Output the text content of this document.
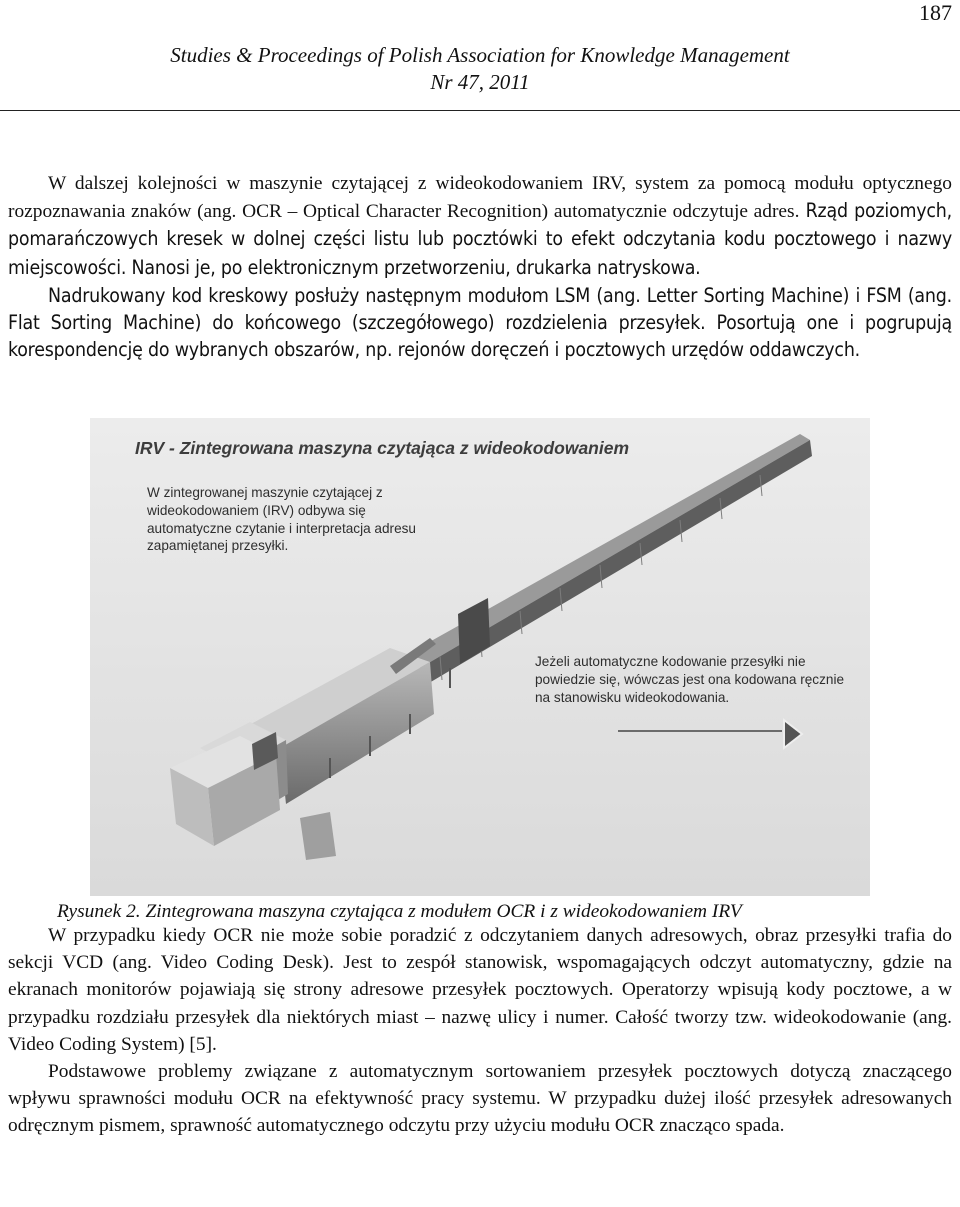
187
Studies & Proceedings of Polish Association for Knowledge Management
Nr 47, 2011

W dalszej kolejności w maszynie czytającej z wideokodowaniem IRV, system za pomocą modułu optycznego rozpoznawania znaków (ang. OCR – Optical Character Recognition) automatycznie odczytuje adres. Rząd poziomych, pomarańczowych kresek w dolnej części listu lub pocztówki to efekt odczytania kodu pocztowego i nazwy miejscowości. Nanosi je, po elektronicznym przetworzeniu, drukarka natryskowa.

Nadrukowany kod kreskowy posłuży następnym modułom LSM (ang. Letter Sorting Machine) i FSM (ang. Flat Sorting Machine) do końcowego (szczegółowego) rozdzielenia przesyłek. Posortują one i pogrupują korespondencję do wybranych obszarów, np. rejonów doręczeń i pocztowych urzędów oddawczych.

IRV - Zintegrowana maszyna czytająca z wideokodowaniem
W zintegrowanej maszynie czytającej z wideokodowaniem (IRV) odbywa się automatyczne czytanie i interpretacja adresu zapamiętanej przesyłki.
Jeżeli automatyczne kodowanie przesyłki nie powiedzie się, wówczas jest ona kodowana ręcznie na stanowisku wideokodowania.
Rysunek 2. Zintegrowana maszyna czytająca z modułem OCR i z wideokodowaniem IRV

W przypadku kiedy OCR nie może sobie poradzić z odczytaniem danych adresowych, obraz przesyłki trafia do sekcji VCD (ang. Video Coding Desk). Jest to zespół stanowisk, wspomagających odczyt automatyczny, gdzie na ekranach monitorów pojawiają się strony adresowe przesyłek pocztowych. Operatorzy wpisują kody pocztowe, a w przypadku rozdziału przesyłek dla niektórych miast – nazwę ulicy i numer. Całość tworzy tzw. wideokodowanie (ang. Video Coding System) [5].

Podstawowe problemy związane z automatycznym sortowaniem przesyłek pocztowych dotyczą znaczącego wpływu sprawności modułu OCR na efektywność pracy systemu. W przypadku dużej ilość przesyłek adresowanych odręcznym pismem, sprawność automatycznego odczytu przy użyciu modułu OCR znacząco spada.
